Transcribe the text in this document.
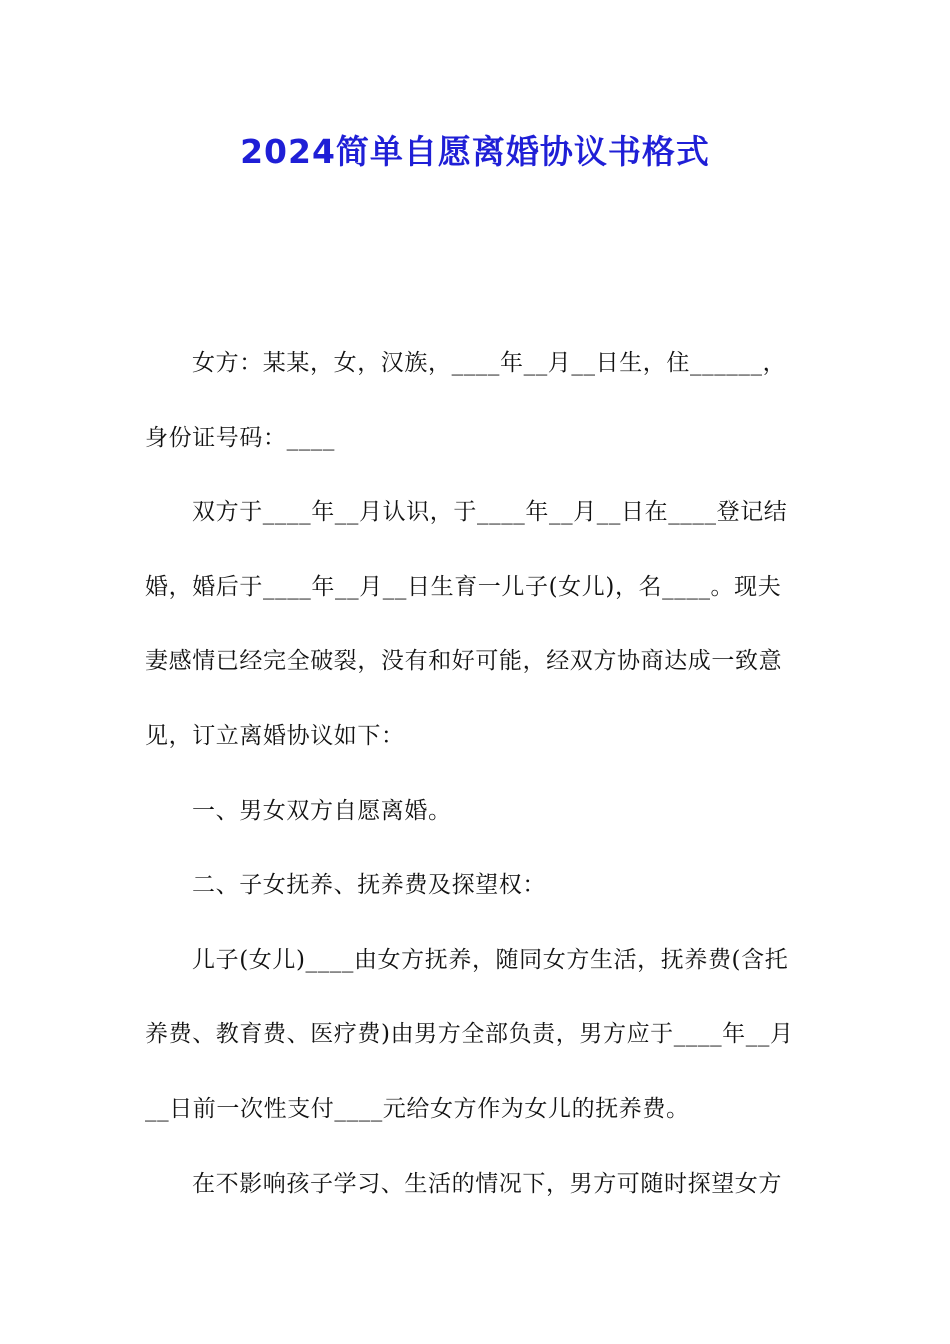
2024简单自愿离婚协议书格式
女方：某某，女，汉族，____年__月__日生，住______，
身份证号码：____
双方于____年__月认识，于____年__月__日在____登记结
婚，婚后于____年__月__日生育一儿子(女儿)，名____。现夫
妻感情已经完全破裂，没有和好可能，经双方协商达成一致意
见，订立离婚协议如下：
一、男女双方自愿离婚。
二、子女抚养、抚养费及探望权：
儿子(女儿)____由女方抚养，随同女方生活，抚养费(含托
养费、教育费、医疗费)由男方全部负责，男方应于____年__月
__日前一次性支付____元给女方作为女儿的抚养费。
在不影响孩子学习、生活的情况下，男方可随时探望女方
